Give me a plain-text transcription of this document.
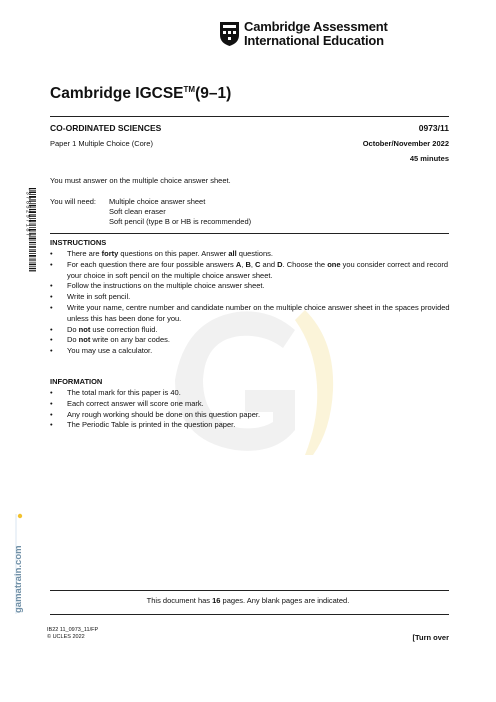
Cambridge Assessment
International Education
Cambridge IGCSE™(9–1)
CO-ORDINATED SCIENCES	0973/11
Paper 1 Multiple Choice (Core)	October/November 2022
45 minutes
You must answer on the multiple choice answer sheet.
You will need: Multiple choice answer sheet
Soft clean eraser
Soft pencil (type B or HB is recommended)
* 3 7 8 5 2 9 7 1 8 7 *
INSTRUCTIONS
• There are forty questions on this paper. Answer all questions.
• For each question there are four possible answers A, B, C and D. Choose the one you consider correct and record your choice in soft pencil on the multiple choice answer sheet.
• Follow the instructions on the multiple choice answer sheet.
• Write in soft pencil.
• Write your name, centre number and candidate number on the multiple choice answer sheet in the spaces provided unless this has been done for you.
• Do not use correction fluid.
• Do not write on any bar codes.
• You may use a calculator.
INFORMATION
• The total mark for this paper is 40.
• Each correct answer will score one mark.
• Any rough working should be done on this question paper.
• The Periodic Table is printed in the question paper.
gamatrain.com	This document has 16 pages. Any blank pages are indicated.
IB22 11_0973_11/FP
© UCLES 2022	[Turn over
